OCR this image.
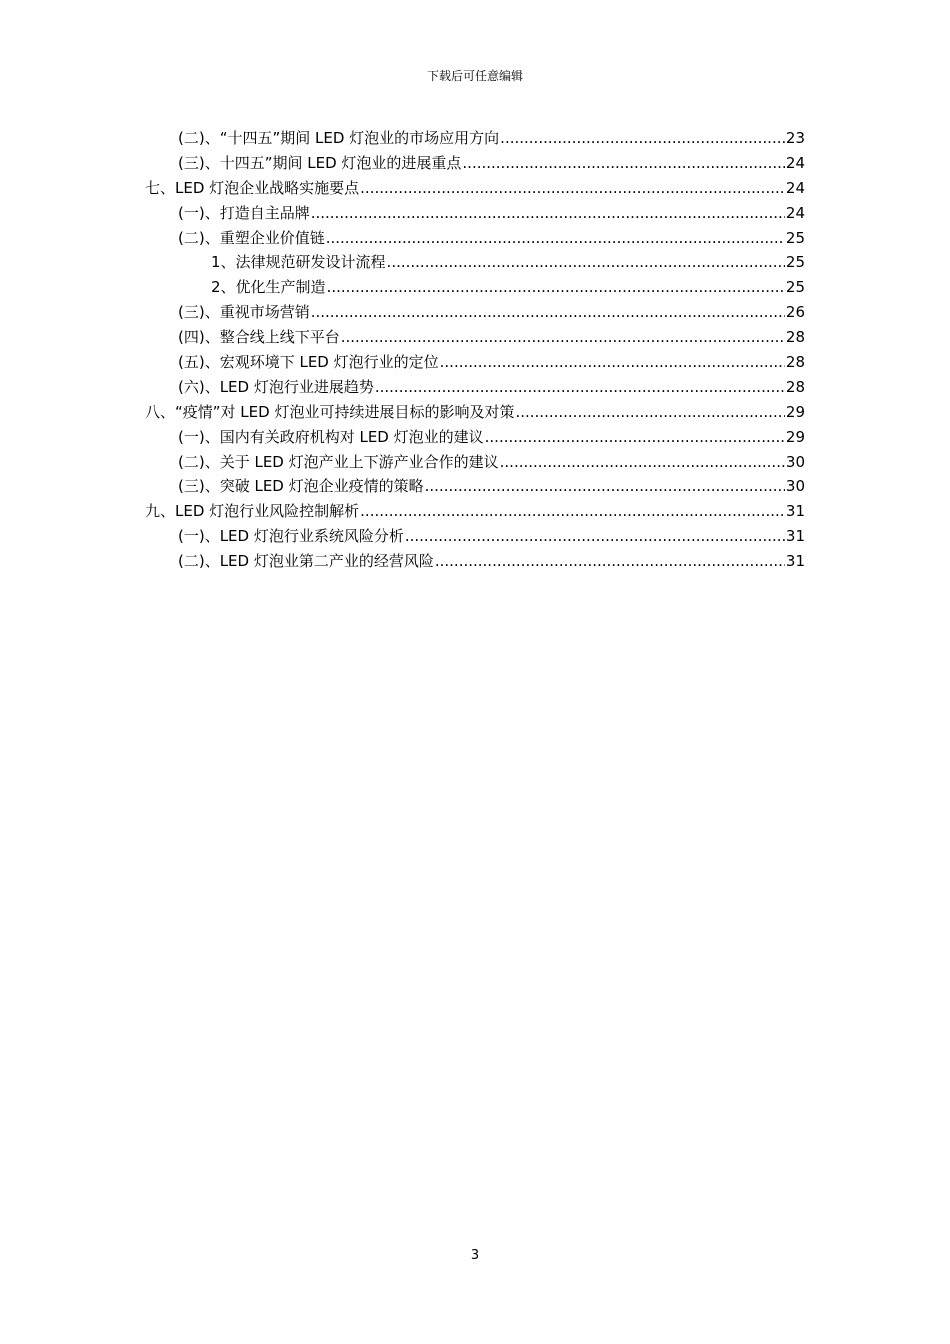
下载后可任意编辑
(二)、“十四五”期间 LED 灯泡业的市场应用方向 .....	23
(三)、十四五”期间 LED 灯泡业的进展重点 .....	24
七、LED 灯泡企业战略实施要点 .....	24
(一)、打造自主品牌 .....	24
(二)、重塑企业价值链 .....	25
1、法律规范研发设计流程 .....	25
2、优化生产制造 .....	25
(三)、重视市场营销 .....	26
(四)、整合线上线下平台 .....	28
(五)、宏观环境下 LED 灯泡行业的定位 .....	28
(六)、LED 灯泡行业进展趋势 .....	28
八、“疫情”对 LED 灯泡业可持续进展目标的影响及对策 .....	29
(一)、国内有关政府机构对 LED 灯泡业的建议 .....	29
(二)、关于 LED 灯泡产业上下游产业合作的建议 .....	30
(三)、突破 LED 灯泡企业疫情的策略 .....	30
九、LED 灯泡行业风险控制解析 .....	31
(一)、LED 灯泡行业系统风险分析 .....	31
(二)、LED 灯泡业第二产业的经营风险 .....	31
3
